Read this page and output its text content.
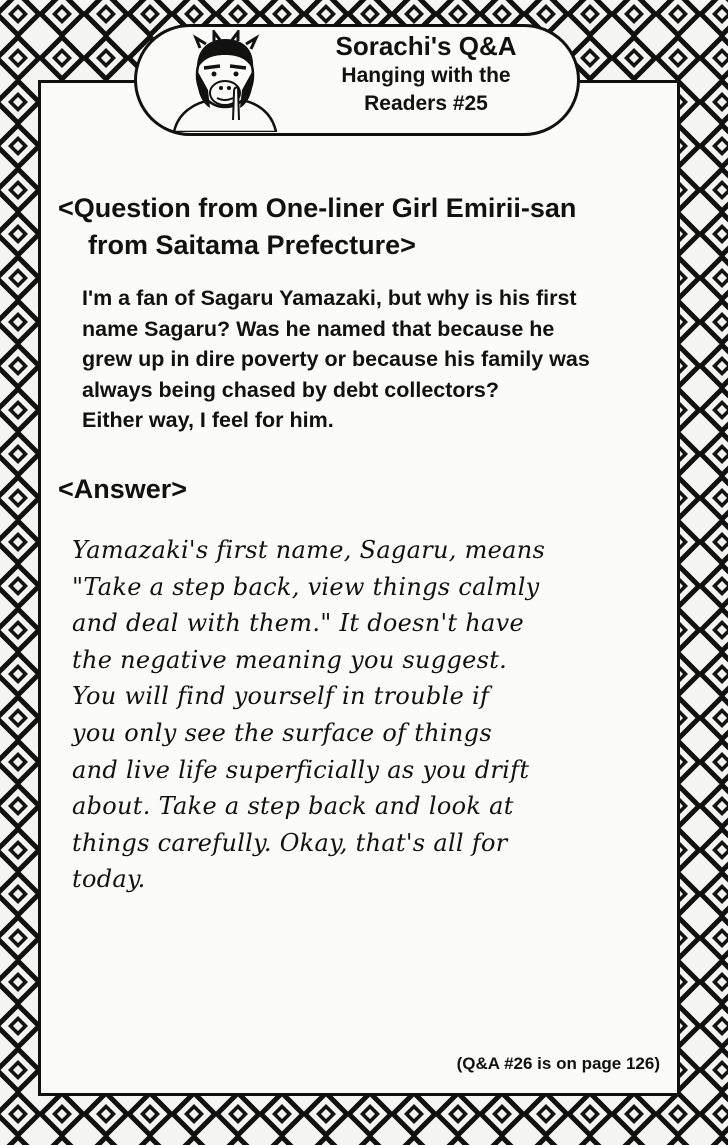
Sorachi's Q&A
Hanging with the
Readers #25
<Question from One-liner Girl Emirii-san
from Saitama Prefecture>
I'm a fan of Sagaru Yamazaki, but why is his first
name Sagaru? Was he named that because he
grew up in dire poverty or because his family was
always being chased by debt collectors?
Either way, I feel for him.
<Answer>
Yamazaki's first name, Sagaru, means
"Take a step back, view things calmly
and deal with them." It doesn't have
the negative meaning you suggest.
You will find yourself in trouble if
you only see the surface of things
and live life superficially as you drift
about. Take a step back and look at
things carefully. Okay, that's all for
today.
(Q&A #26 is on page 126)
